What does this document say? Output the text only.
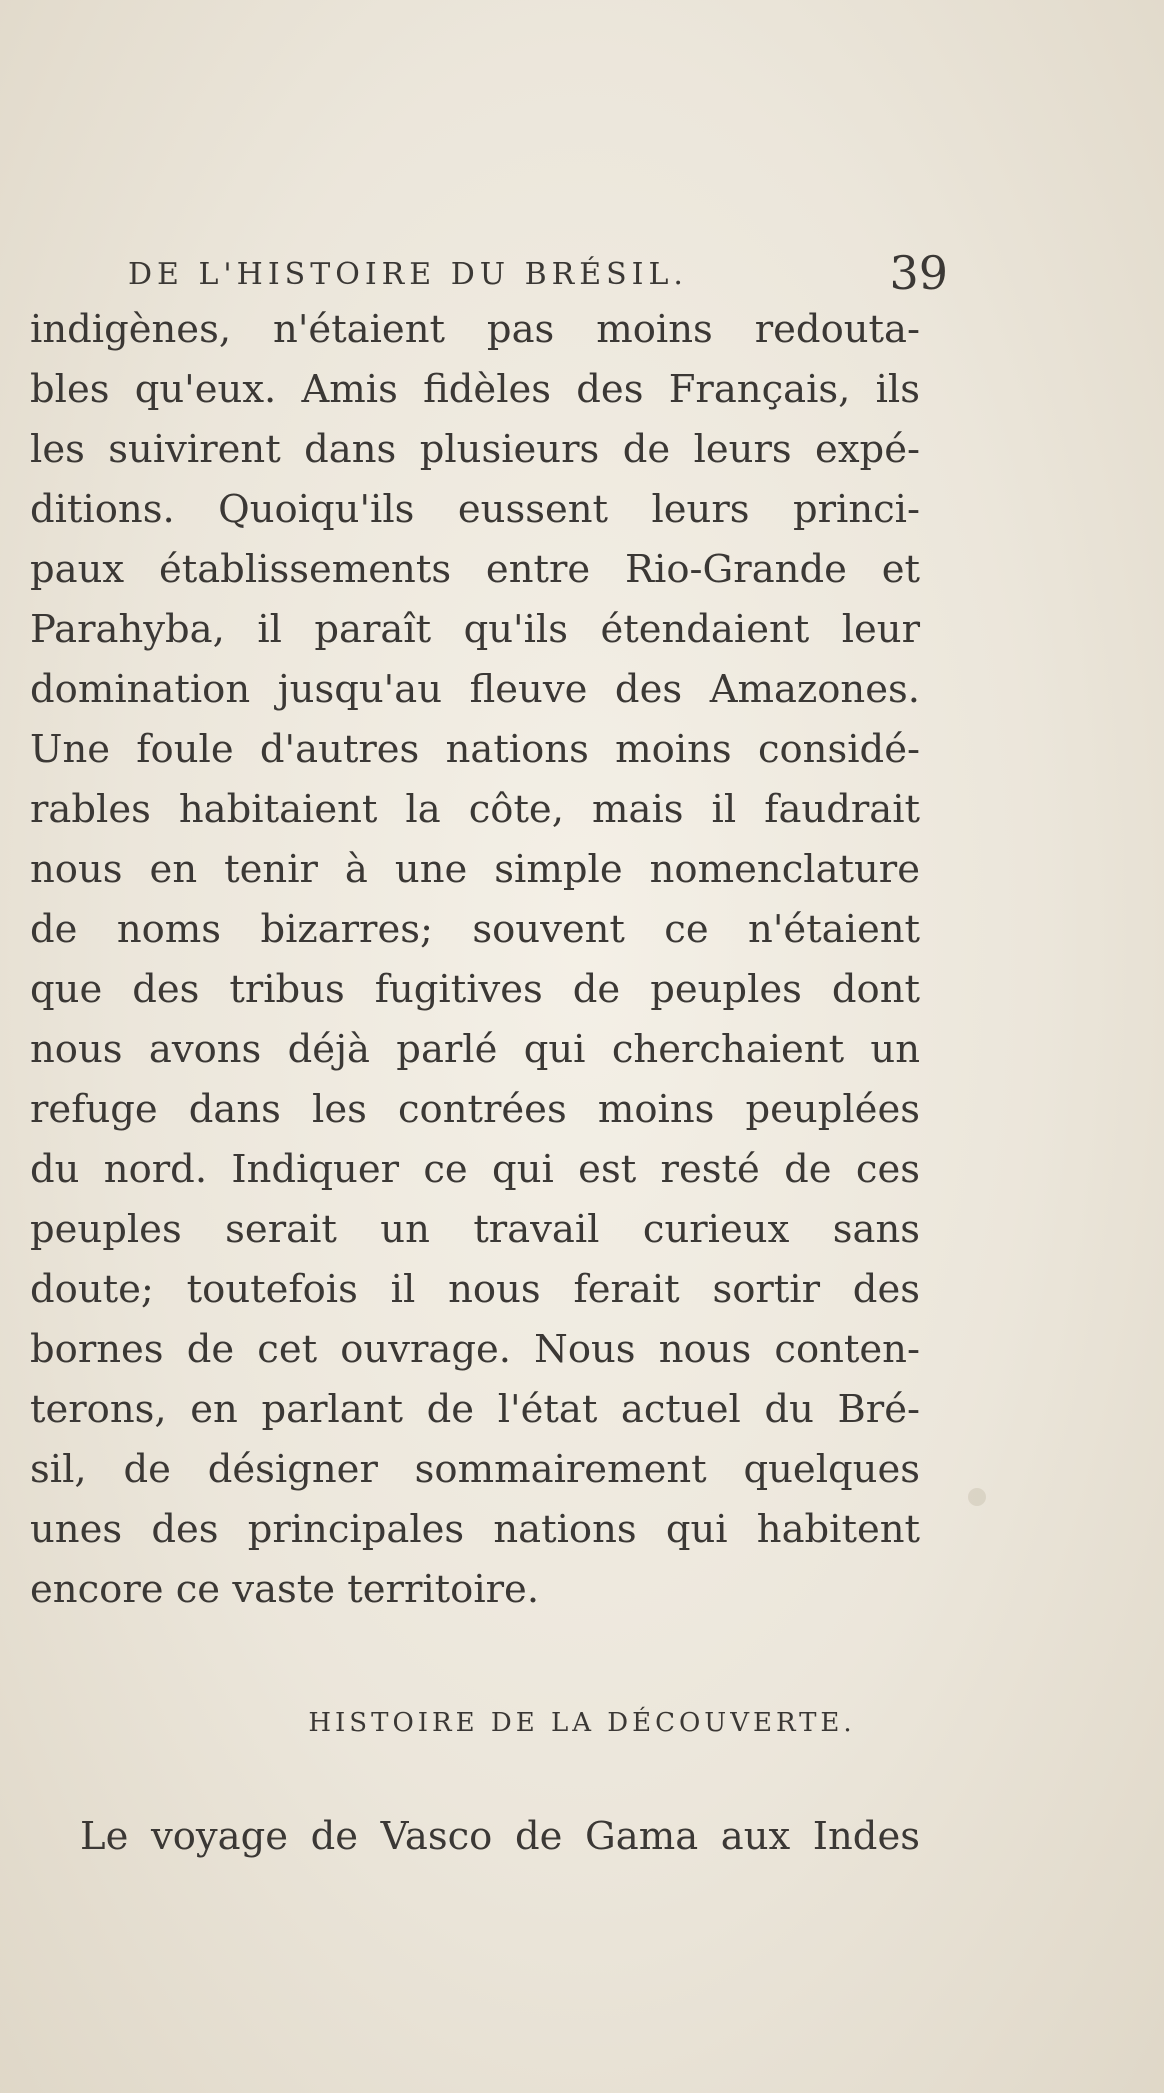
DE L'HISTOIRE DU BRÉSIL.	39
indigènes, n'étaient pas moins redouta-
bles qu'eux. Amis fidèles des Français, ils
les suivirent dans plusieurs de leurs expé-
ditions. Quoiqu'ils eussent leurs princi-
paux établissements entre Rio-Grande et
Parahyba, il paraît qu'ils étendaient leur
domination jusqu'au fleuve des Amazones.
Une foule d'autres nations moins considé-
rables habitaient la côte, mais il faudrait
nous en tenir à une simple nomenclature
de noms bizarres; souvent ce n'étaient
que des tribus fugitives de peuples dont
nous avons déjà parlé qui cherchaient un
refuge dans les contrées moins peuplées
du nord. Indiquer ce qui est resté de ces
peuples serait un travail curieux sans
doute; toutefois il nous ferait sortir des
bornes de cet ouvrage. Nous nous conten-
terons, en parlant de l'état actuel du Bré-
sil, de désigner sommairement quelques
unes des principales nations qui habitent
encore ce vaste territoire.
HISTOIRE DE LA DÉCOUVERTE.
Le voyage de Vasco de Gama aux Indes
